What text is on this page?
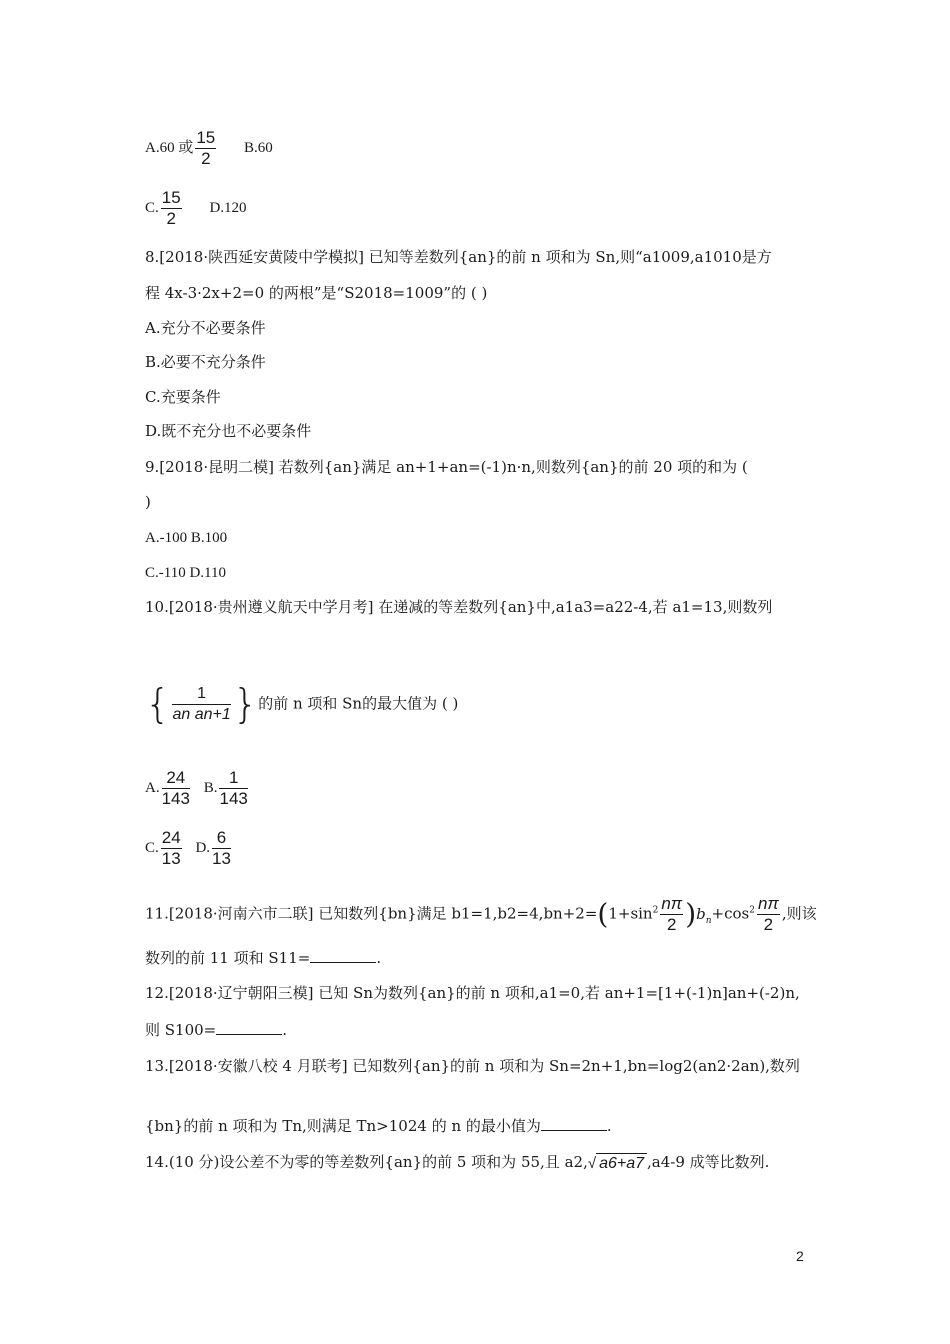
A.60 或 $\frac{15}{2} B.60$
C. $\frac{15}{2} D.120$
8.[2018·陕西延安黄陵中学模拟] 已知等差数列{an}的前 n 项和为 Sn,则“a1009,a1010是方
程 4x-3·2x+2=0 的两根”是“S2018=1009”的 ( )
A.充分不必要条件
B.必要不充分条件
C.充要条件
D.既不充分也不必要条件
9.[2018·昆明二模] 若数列{an}满足 an+1+an=(-1)n·n,则数列{an}的前 20 项的和为 (
)
A.-100 B.100
C.-110 D.110
10.[2018·贵州遵义航天中学月考] 在递减的等差数列{an}中,a1a3=a22-4,若 a1=13,则数列
{ $\frac{1}{\text{an an+1}}$ }的前 n 项和 Sn的最大值为 ( )
A. $\frac{24}{143} B$. $\frac{1}{143}$
C. $\frac{24}{13} D$. $\frac{6}{13}$
11.[2018·河南六市二联] 已知数列{bn}满足 $b1=1,b2=4,bn+2=(1+\sin^2 \frac{n\pi}{2} )b_n+\cos^2 \frac{n\pi}{2}$ ,则该
数列的前 11 项和 S11=	.
12.[2018·辽宁朝阳三模] 已知 Sn为数列{an}的前 n 项和,a1=0,若 an+1=[1+(-1)n]an+(-2)n,
则 S100=	.
13.[2018·安徽八校 4 月联考] 已知数列{an}的前 n 项和为 Sn=2n+1,bn=log2(an2·2an),数列
{bn}的前 n 项和为 Tn,则满足 Tn>1024 的 n 的最小值为	.
14.(10 分)设公差不为零的等差数列{an}的前 5 项和为 55,且 a2,√ a6+a7 ,a4-9 成等比数列.
2
